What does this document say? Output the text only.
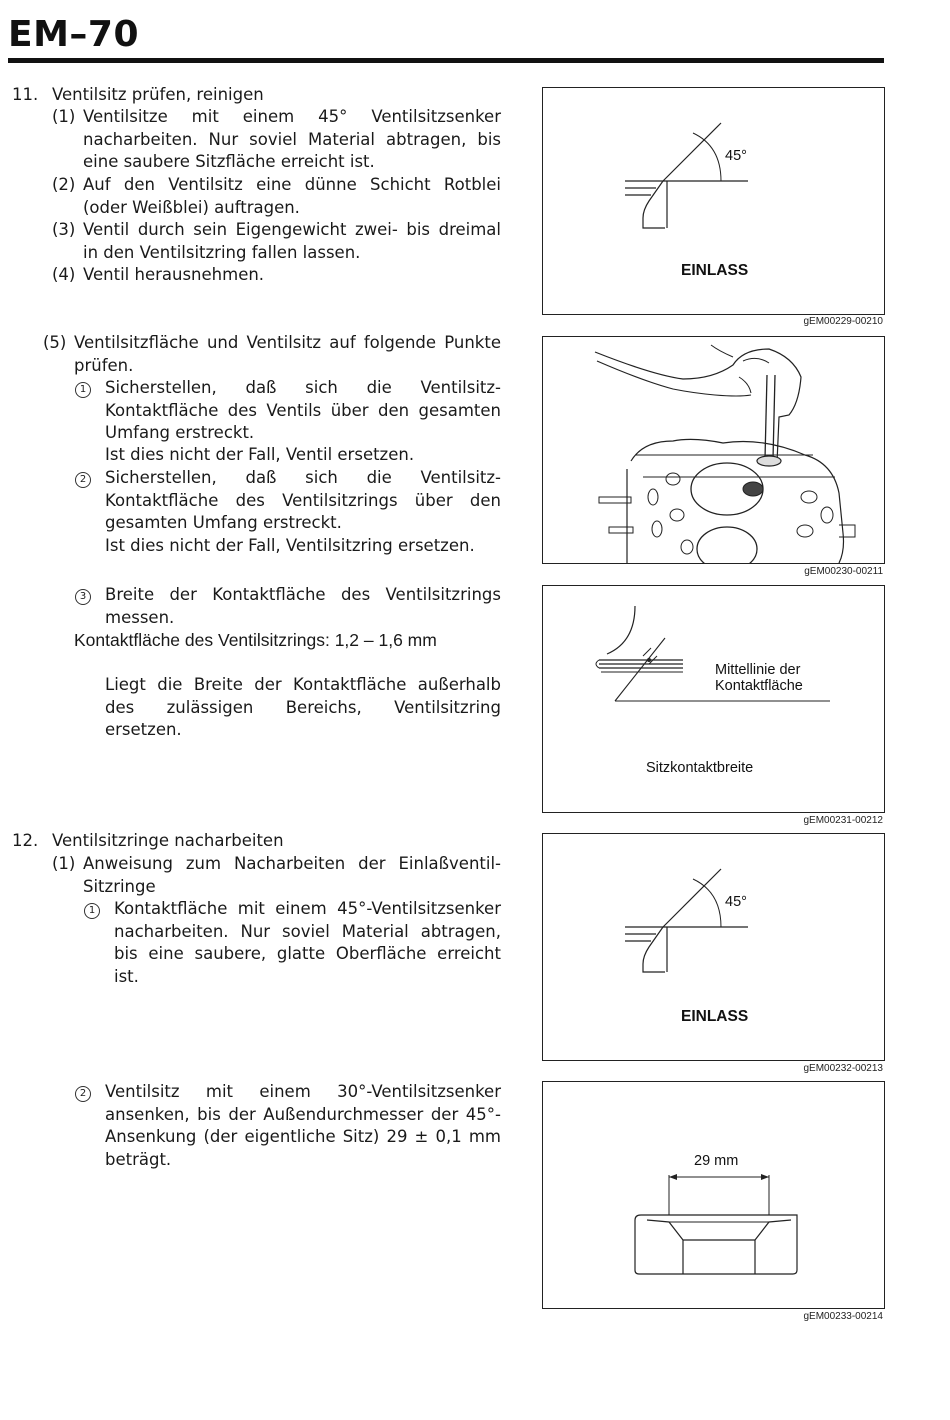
EM–70
11. Ventilsitz prüfen, reinigen
(1) Ventilsitze mit einem 45° Ventilsitzsenker nacharbeiten. Nur soviel Material abtragen, bis eine saubere Sitzfläche erreicht ist.
(2) Auf den Ventilsitz eine dünne Schicht Rotblei (oder Weißblei) auftragen.
(3) Ventil durch sein Eigengewicht zwei- bis dreimal in den Ventilsitzring fallen lassen.
(4) Ventil herausnehmen.
(5) Ventilsitzfläche und Ventilsitz auf folgende Punkte prüfen.
1 Sicherstellen, daß sich die Ventilsitz-Kontaktfläche des Ventils über den gesamten Umfang erstreckt.
Ist dies nicht der Fall, Ventil ersetzen.
2 Sicherstellen, daß sich die Ventilsitz-Kontaktfläche des Ventilsitzrings über den gesamten Umfang erstreckt.
Ist dies nicht der Fall, Ventilsitzring ersetzen.
3 Breite der Kontaktfläche des Ventilsitzrings messen.
Kontaktfläche des Ventilsitzrings: 1,2 – 1,6 mm
Liegt die Breite der Kontaktfläche außerhalb des zulässigen Bereichs, Ventilsitzring ersetzen.
12. Ventilsitzringe nacharbeiten
(1) Anweisung zum Nacharbeiten der Einlaßventil-Sitzringe
1 Kontaktfläche mit einem 45°-Ventilsitzsenker nacharbeiten. Nur soviel Material abtragen, bis eine saubere, glatte Oberfläche erreicht ist.
2 Ventilsitz mit einem 30°-Ventilsitzsenker ansenken, bis der Außendurchmesser der 45°-Ansenkung (der eigentliche Sitz) 29 ± 0,1 mm beträgt.
45°
EINLASS
gEM00229-00210
gEM00230-00211
Mittellinie der Kontaktfläche
Sitzkontaktbreite
gEM00231-00212
45°
EINLASS
gEM00232-00213
29 mm
gEM00233-00214
